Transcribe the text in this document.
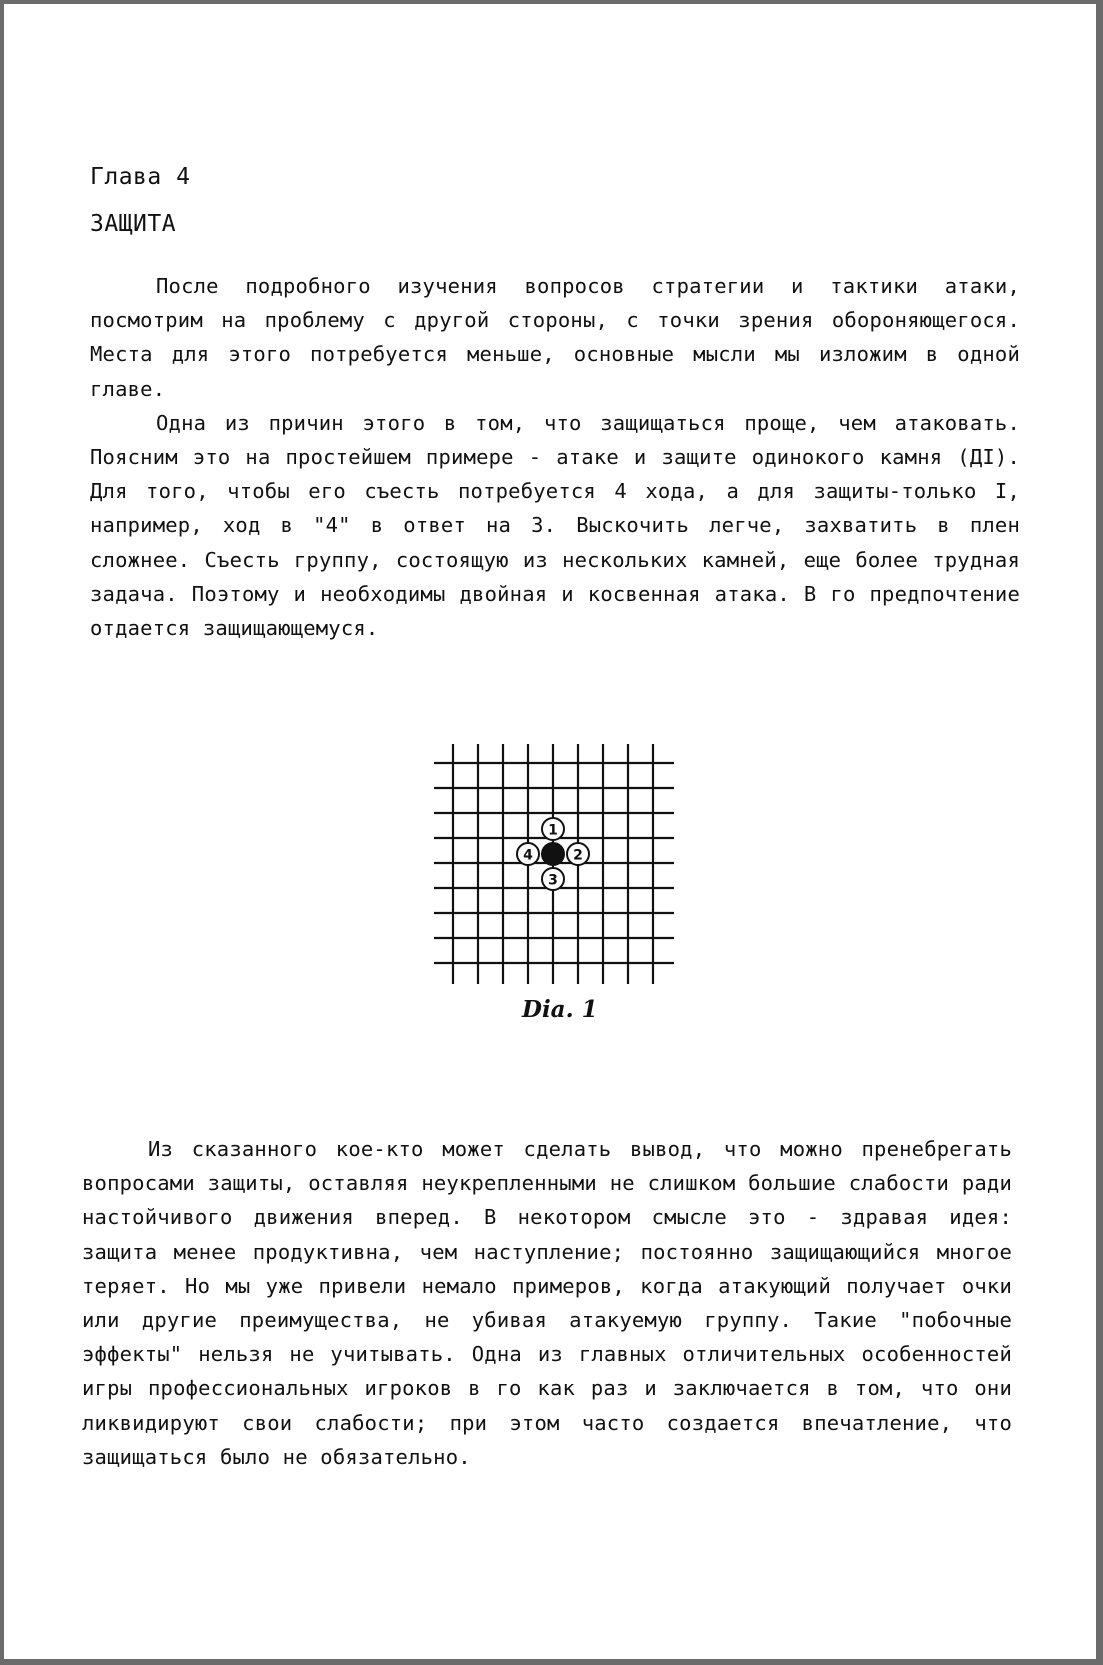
Глава 4
ЗАЩИТА

После подробного изучения вопросов стратегии и тактики атаки, посмотрим на проблему с другой стороны, с точки зрения обороняющегося. Места для этого потребуется меньше, основные мысли мы изложим в одной главе.

Одна из причин этого в том, что защищаться проще, чем атаковать. Поясним это на простейшем примере - атаке и защите одинокого камня (ДI). Для того, чтобы его съесть потребуется 4 хода, а для защиты-только I, например, ход в "4" в ответ на 3. Выскочить легче, захватить в плен сложнее. Съесть группу, состоящую из нескольких камней, еще более трудная задача. Поэтому и необходимы двойная и косвенная атака. В го предпочтение отдается защищающемуся.

1
2
3
4
Dia. 1

Из сказанного кое-кто может сделать вывод, что можно пренебрегать вопросами защиты, оставляя неукрепленными не слишком большие слабости ради настойчивого движения вперед. В некотором смысле это - здравая идея: защита менее продуктивна, чем наступление; постоянно защищающийся многое теряет. Но мы уже привели немало примеров, когда атакующий получает очки или другие преимущества, не убивая атакуемую группу. Такие "побочные эффекты" нельзя не учитывать. Одна из главных отличительных особенностей игры профессиональных игроков в го как раз и заключается в том, что они ликвидируют свои слабости; при этом часто создается впечатление, что защищаться было не обязательно.
